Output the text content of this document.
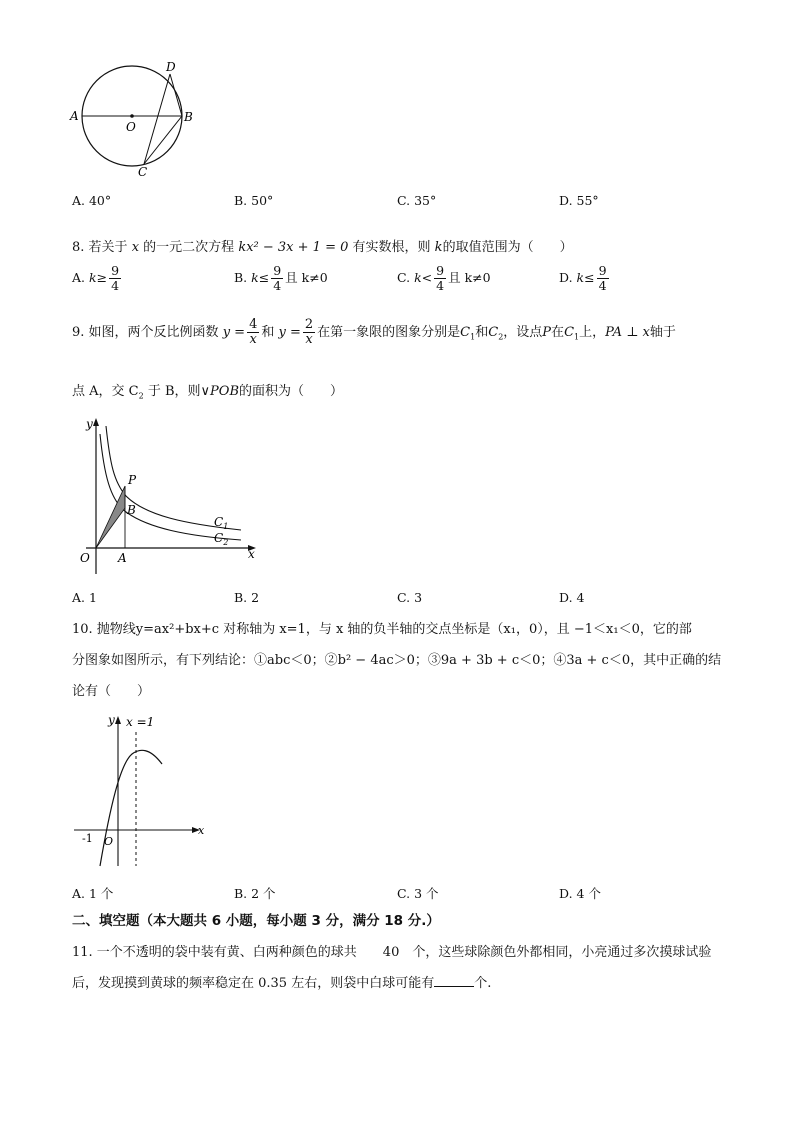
A
O
D
B
C
A. 40°	B. 50°	C. 35°	D. 55°
8. 若关于 x 的一元二次方程 kx² − 3x + 1 = 0 有实数根，则 k的取值范围为（　　）
A. $k\ge \frac{9}{4}$	B. $k\le \frac{9}{4}$ 且 k≠0	C. $k< \frac{9}{4}$ 且 k≠0	D. $k\le \frac{9}{4}$
9. 如图，两个反比例函数 $y = \frac{4}{x}$ 和 $y = \frac{2}{x}$ 在第一象限的图象分别是$C_1$和$C_2$，设点P在$C_1$上，PA ⊥ x轴于
点 A，交 $C_2$ 于 B，则∨POB的面积为（　　）
y
P
B
$C_1$
$C_2$
O A	x
A. 1	B. 2	C. 3	D. 4
10. 抛物线y=ax²+bx+c 对称轴为 x=1，与 x 轴的负半轴的交点坐标是（x₁，0），且 −1＜x₁＜0，它的部
分图象如图所示，有下列结论：①abc＜0；②b² − 4ac＞0；③9a + 3b + c＜0；④3a + c＜0，其中正确的结
论有（　　）
y x =1
x
-1 O
A. 1 个	B. 2 个	C. 3 个	D. 4 个
二、填空题（本大题共 6 小题，每小题 3 分，满分 18 分.）
11. 一个不透明的袋中装有黄、白两种颜色的球共　　40　个，这些球除颜色外都相同，小亮通过多次摸球试验
后，发现摸到黄球的频率稳定在 0.35 左右，则袋中白球可能有	个.
